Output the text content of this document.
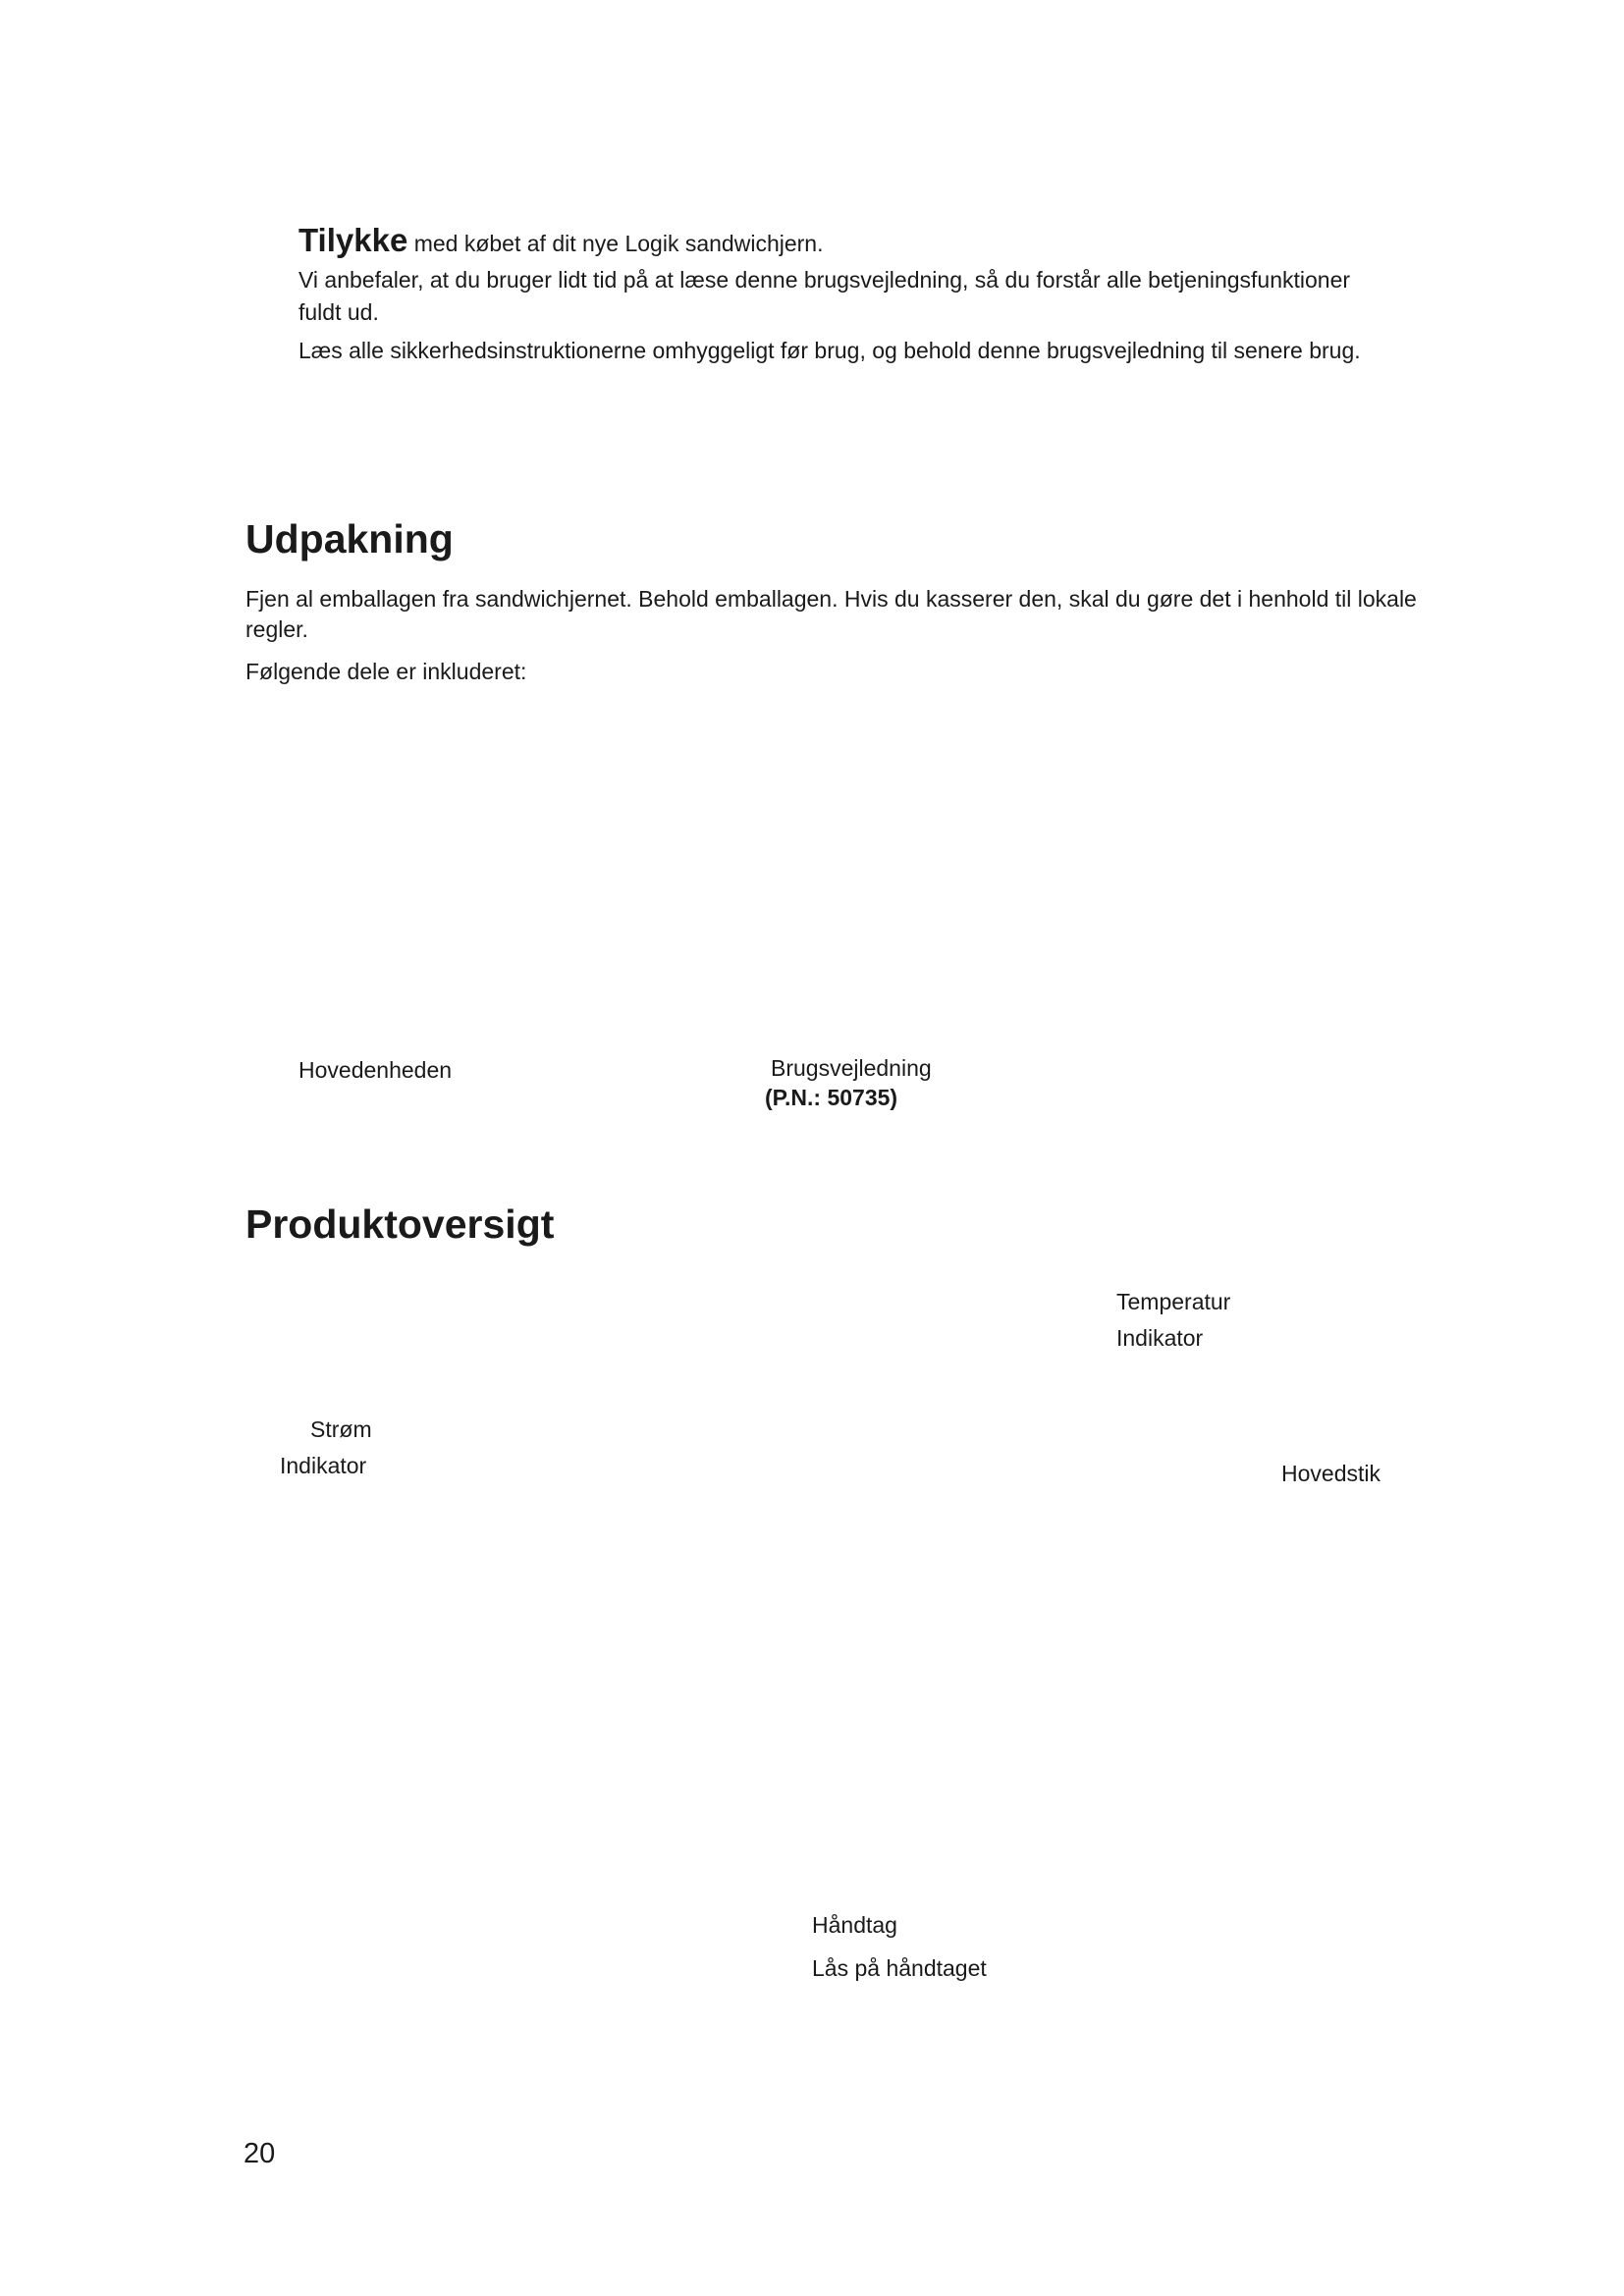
Tilykke med købet af dit nye Logik sandwichjern.

Vi anbefaler, at du bruger lidt tid på at læse denne brugsvejledning, så du forstår alle betjeningsfunktioner fuldt ud.

Læs alle sikkerhedsinstruktionerne omhyggeligt før brug, og behold denne brugsvejledning til senere brug.

Udpakning
Fjen al emballagen fra sandwichjernet. Behold emballagen. Hvis du kasserer den, skal du gøre det i henhold til lokale regler.
Følgende dele er inkluderet:
Hovedenheden	Brugsvejledning
(P.N.: 50735)
Produktoversigt
Temperatur
Indikator
Strøm
Indikator	Hovedstik
Håndtag
Lås på håndtaget
20
